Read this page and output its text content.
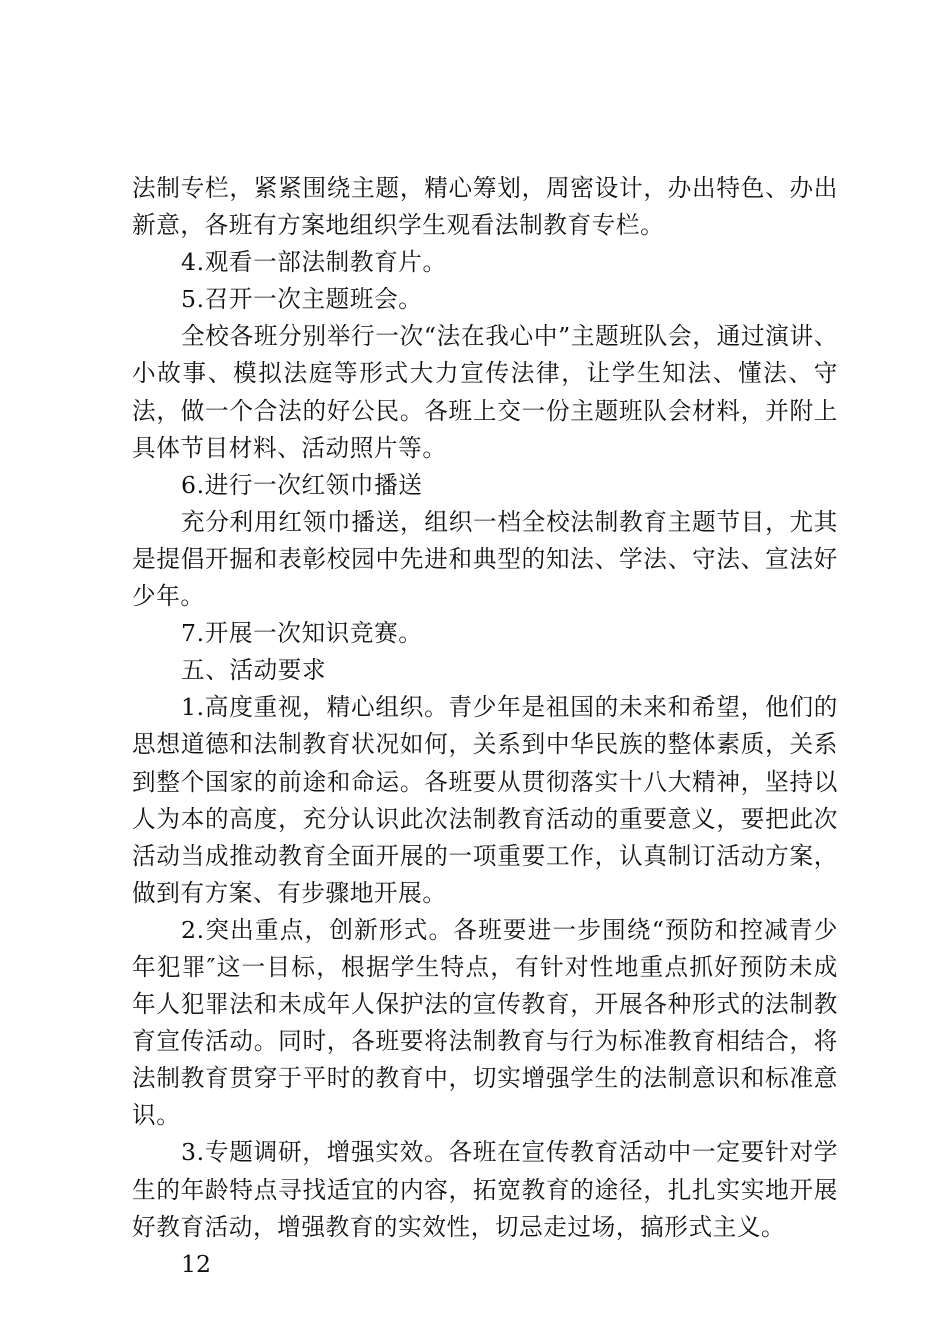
法制专栏，紧紧围绕主题，精心筹划，周密设计，办出特色、办出新意，各班有方案地组织学生观看法制教育专栏。

4.观看一部法制教育片。

5.召开一次主题班会。

全校各班分别举行一次“法在我心中”主题班队会，通过演讲、小故事、模拟法庭等形式大力宣传法律，让学生知法、懂法、守法，做一个合法的好公民。各班上交一份主题班队会材料，并附上具体节目材料、活动照片等。

6.进行一次红领巾播送

充分利用红领巾播送，组织一档全校法制教育主题节目，尤其是提倡开掘和表彰校园中先进和典型的知法、学法、守法、宣法好少年。

7.开展一次知识竞赛。

五、活动要求

1.高度重视，精心组织。青少年是祖国的未来和希望，他们的思想道德和法制教育状况如何，关系到中华民族的整体素质，关系到整个国家的前途和命运。各班要从贯彻落实十八大精神，坚持以人为本的高度，充分认识此次法制教育活动的重要意义，要把此次活动当成推动教育全面开展的一项重要工作，认真制订活动方案，做到有方案、有步骤地开展。

2.突出重点，创新形式。各班要进一步围绕“预防和控减青少年犯罪″这一目标，根据学生特点，有针对性地重点抓好预防未成年人犯罪法和未成年人保护法的宣传教育，开展各种形式的法制教育宣传活动。同时，各班要将法制教育与行为标准教育相结合，将法制教育贯穿于平时的教育中，切实增强学生的法制意识和标准意识。

3.专题调研，增强实效。各班在宣传教育活动中一定要针对学生的年龄特点寻找适宜的内容，拓宽教育的途径，扎扎实实地开展好教育活动，增强教育的实效性，切忌走过场，搞形式主义。

12
